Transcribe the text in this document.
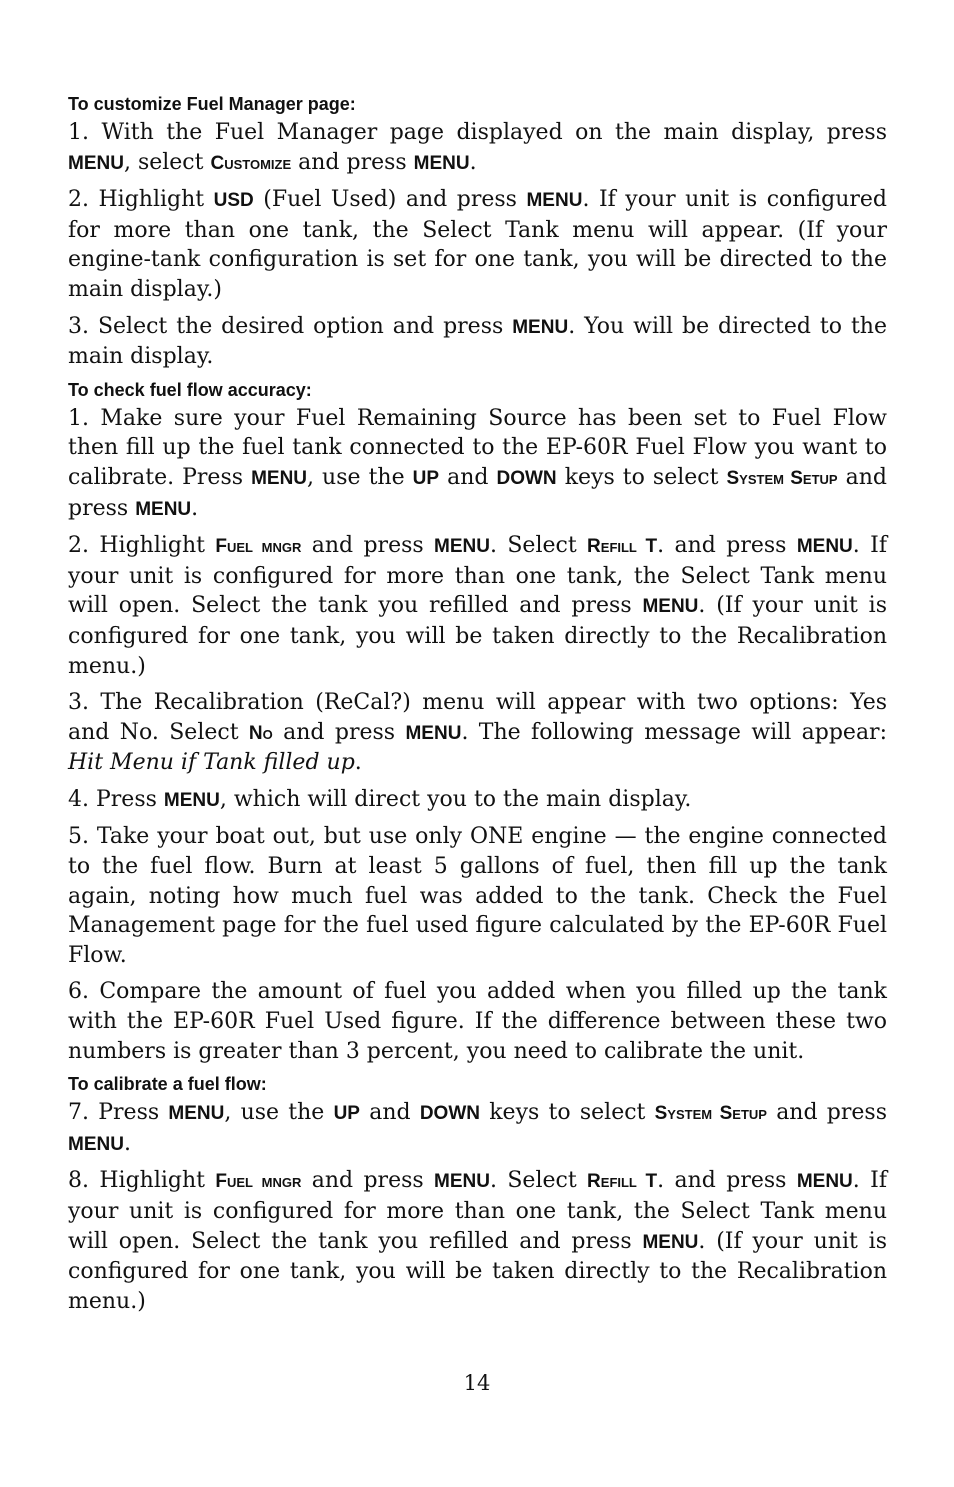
To customize Fuel Manager page:

1. With the Fuel Manager page displayed on the main display, press MENU, select Customize and press MENU.

2. Highlight USD (Fuel Used) and press MENU. If your unit is configured for more than one tank, the Select Tank menu will appear. (If your engine-tank configuration is set for one tank, you will be directed to the main display.)

3. Select the desired option and press MENU. You will be directed to the main display.

To check fuel flow accuracy:

1. Make sure your Fuel Remaining Source has been set to Fuel Flow then fill up the fuel tank connected to the EP-60R Fuel Flow you want to calibrate. Press MENU, use the UP and DOWN keys to select System Setup and press MENU.

2. Highlight Fuel mngr and press MENU. Select Refill T. and press MENU. If your unit is configured for more than one tank, the Select Tank menu will open. Select the tank you refilled and press MENU. (If your unit is configured for one tank, you will be taken directly to the Recalibration menu.)

3. The Recalibration (ReCal?) menu will appear with two options: Yes and No. Select No and press MENU. The following message will appear: Hit Menu if Tank filled up.

4. Press MENU, which will direct you to the main display.

5. Take your boat out, but use only ONE engine — the engine connected to the fuel flow. Burn at least 5 gallons of fuel, then fill up the tank again, noting how much fuel was added to the tank. Check the Fuel Management page for the fuel used figure calculated by the EP-60R Fuel Flow.

6. Compare the amount of fuel you added when you filled up the tank with the EP-60R Fuel Used figure. If the difference between these two numbers is greater than 3 percent, you need to calibrate the unit.

To calibrate a fuel flow:

7. Press MENU, use the UP and DOWN keys to select System Setup and press MENU.

8. Highlight Fuel mngr and press MENU. Select Refill T. and press MENU. If your unit is configured for more than one tank, the Select Tank menu will open. Select the tank you refilled and press MENU. (If your unit is configured for one tank, you will be taken directly to the Recalibration menu.)

14
